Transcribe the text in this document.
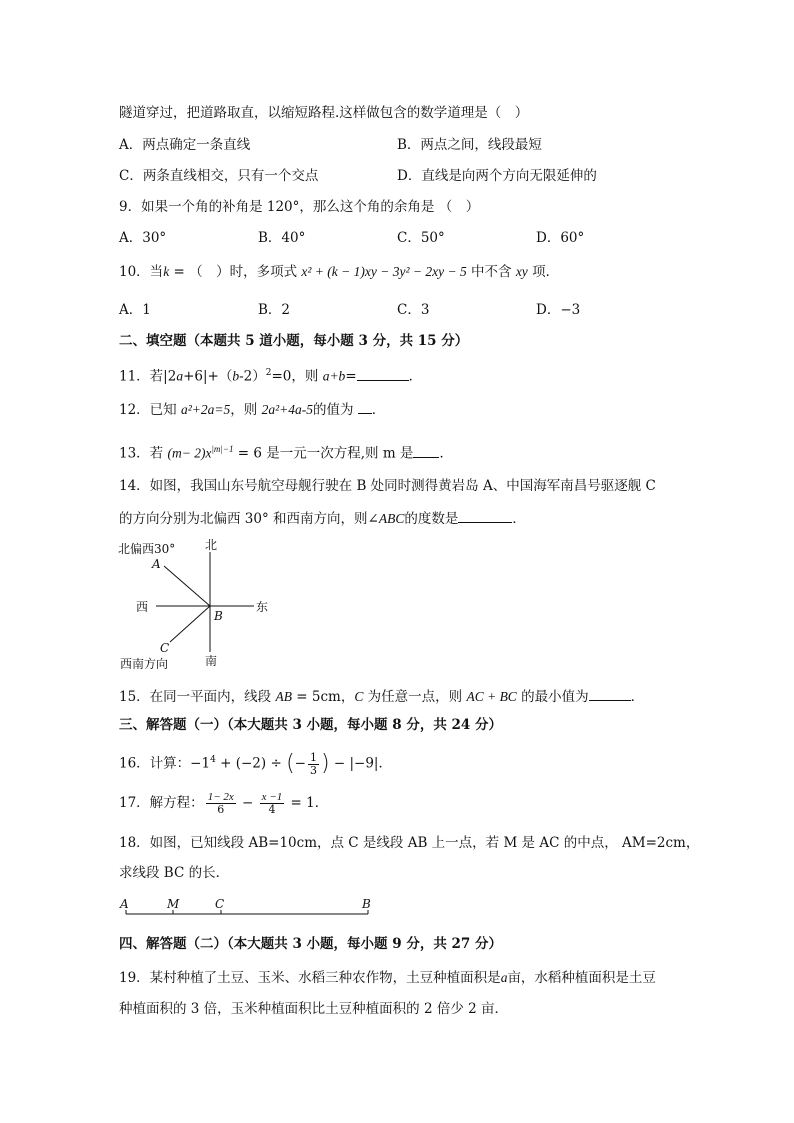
隧道穿过，把道路取直，以缩短路程.这样做包含的数学道理是（　）
A．两点确定一条直线	B．两点之间，线段最短
C．两条直线相交，只有一个交点	D．直线是向两个方向无限延伸的
9．如果一个角的补角是 120°，那么这个角的余角是 （　）
A．30°	B．40°	C．50°	D．60°
10．当k = （　）时，多项式 x² + (k − 1)xy − 3y² − 2xy − 5 中不含 xy 项．
A．1	B．2	C．3	D．−3
二、填空题（本题共 5 道小题，每小题 3 分，共 15 分）
11．若$|2a+6|+(b-2)^2=0$，则 a+b=	．
12．已知 a²+2a=5，则 2a²+4a-5的值为 ．
13．若 $(m- 2)x^{|m|-1} = 6$ 是一元一次方程,则 m 是 ．
14．如图，我国山东号航空母舰行驶在 B 处同时测得黄岩岛 A、中国海军南昌号驱逐舰 C
的方向分别为北偏西 30° 和西南方向，则∠ABC的度数是	．
北偏西30° 北
南
西	东
A
B
C
西南方向
15．在同一平面内，线段 AB = 5cm，C 为任意一点，则 AC + BC 的最小值为	．
三、解答题（一）（本大题共 3 小题，每小题 8 分，共 24 分）
16．计算：$-1^4 + (-2)$ ÷ (− $\frac{1}{3}$ ) − |−9|．
17．解方程： $\frac{1- 2x}{6} - \frac{x -1}{4} = 1$．
18．如图，已知线段 AB=10cm，点 C 是线段 AB 上一点，若 M 是 AC 的中点， AM=2cm，
求线段 BC 的长．
A	M	C	B
四、解答题（二）（本大题共 3 小题，每小题 9 分，共 27 分）
19．某村种植了土豆、玉米、水稻三种农作物，土豆种植面积是a亩，水稻种植面积是土豆
种植面积的 3 倍，玉米种植面积比土豆种植面积的 2 倍少 2 亩．
